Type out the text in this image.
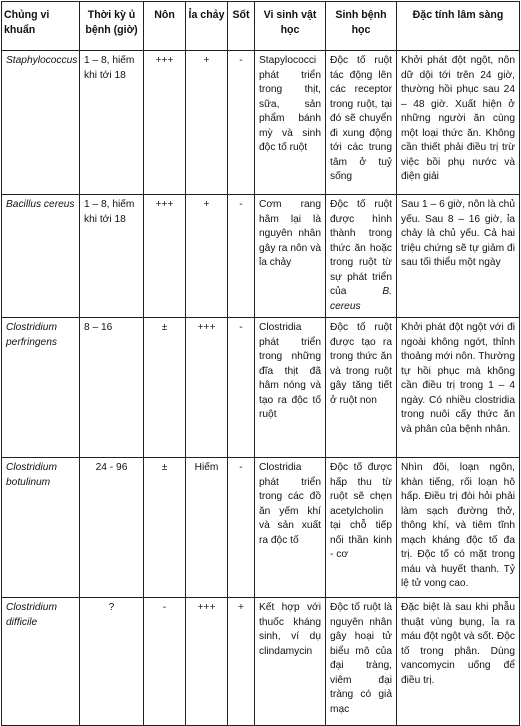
Chủng vi khuẩn	Thời kỳ ủ bệnh (giờ)	Nôn	Ỉa chảy	Sốt	Vi sinh vật học	Sinh bệnh học	Đặc tính lâm sàng
Staphylococcus	1 – 8, hiếm khi tới 18	+++	+	-	Stapylococci phát triển trong thịt, sữa, sản phẩm bánh mỳ và sinh độc tố ruột	Độc tố ruột tác động lên các receptor trong ruột, tại đó sẽ chuyển đi xung động tới các trung tâm ở tuỷ sống	Khởi phát đột ngột, nôn dữ dội tới trên 24 giờ, thường hồi phục sau 24 – 48 giờ. Xuất hiện ở những người ăn cùng một loại thức ăn. Không cần thiết phải điều trị trừ việc bồi phụ nước và điện giải
Bacillus cereus	1 – 8, hiếm khi tới 18	+++	+	-	Cơm rang hâm lại là nguyên nhân gây ra nôn và ỉa chảy	Độc tố ruột được hình thành trong thức ăn hoặc trong ruột từ sự phát triển của B. cereus	Sau 1 – 6 giờ, nôn là chủ yếu. Sau 8 – 16 giờ, ỉa chảy là chủ yếu. Cả hai triệu chứng sẽ tự giảm đi sau tối thiểu một ngày
Clostridium perfringens	8 – 16	±	+++	-	Clostridia phát triển trong những đĩa thịt đã hâm nóng và tạo ra độc tố ruột	Độc tố ruột được tạo ra trong thức ăn và trong ruột gây tăng tiết ở ruột non	Khởi phát đột ngột với đi ngoài không ngớt, thỉnh thoảng mới nôn. Thường tự hồi phục mà không cần điều trị trong 1 – 4 ngày. Có nhiều clostridia trong nuôi cấy thức ăn và phân của bệnh nhân.
Clostridium botulinum	24 - 96	±	Hiếm	-	Clostridia phát triển trong các đồ ăn yếm khí và sản xuất ra độc tố	Độc tố được hấp thu từ ruột sẽ chẹn acetylcholin tại chỗ tiếp nối thần kinh - cơ	Nhìn đôi, loạn ngôn, khàn tiếng, rối loạn hô hấp. Điều trị đòi hỏi phải làm sạch đường thở, thông khí, và tiêm tĩnh mạch kháng độc tố đa trị. Độc tố có mặt trong máu và huyết thanh. Tỷ lệ tử vong cao.
Clostridium difficile	?	-	+++	+	Kết hợp với thuốc kháng sinh, ví dụ clindamycin	Độc tố ruột là nguyên nhân gây hoại tử biểu mô của đại tràng, viêm đại tràng có giả mạc	Đặc biệt là sau khi phẫu thuật vùng bụng, ỉa ra máu đột ngột và sốt. Độc tố trong phân. Dùng vancomycin uống để điều trị.
